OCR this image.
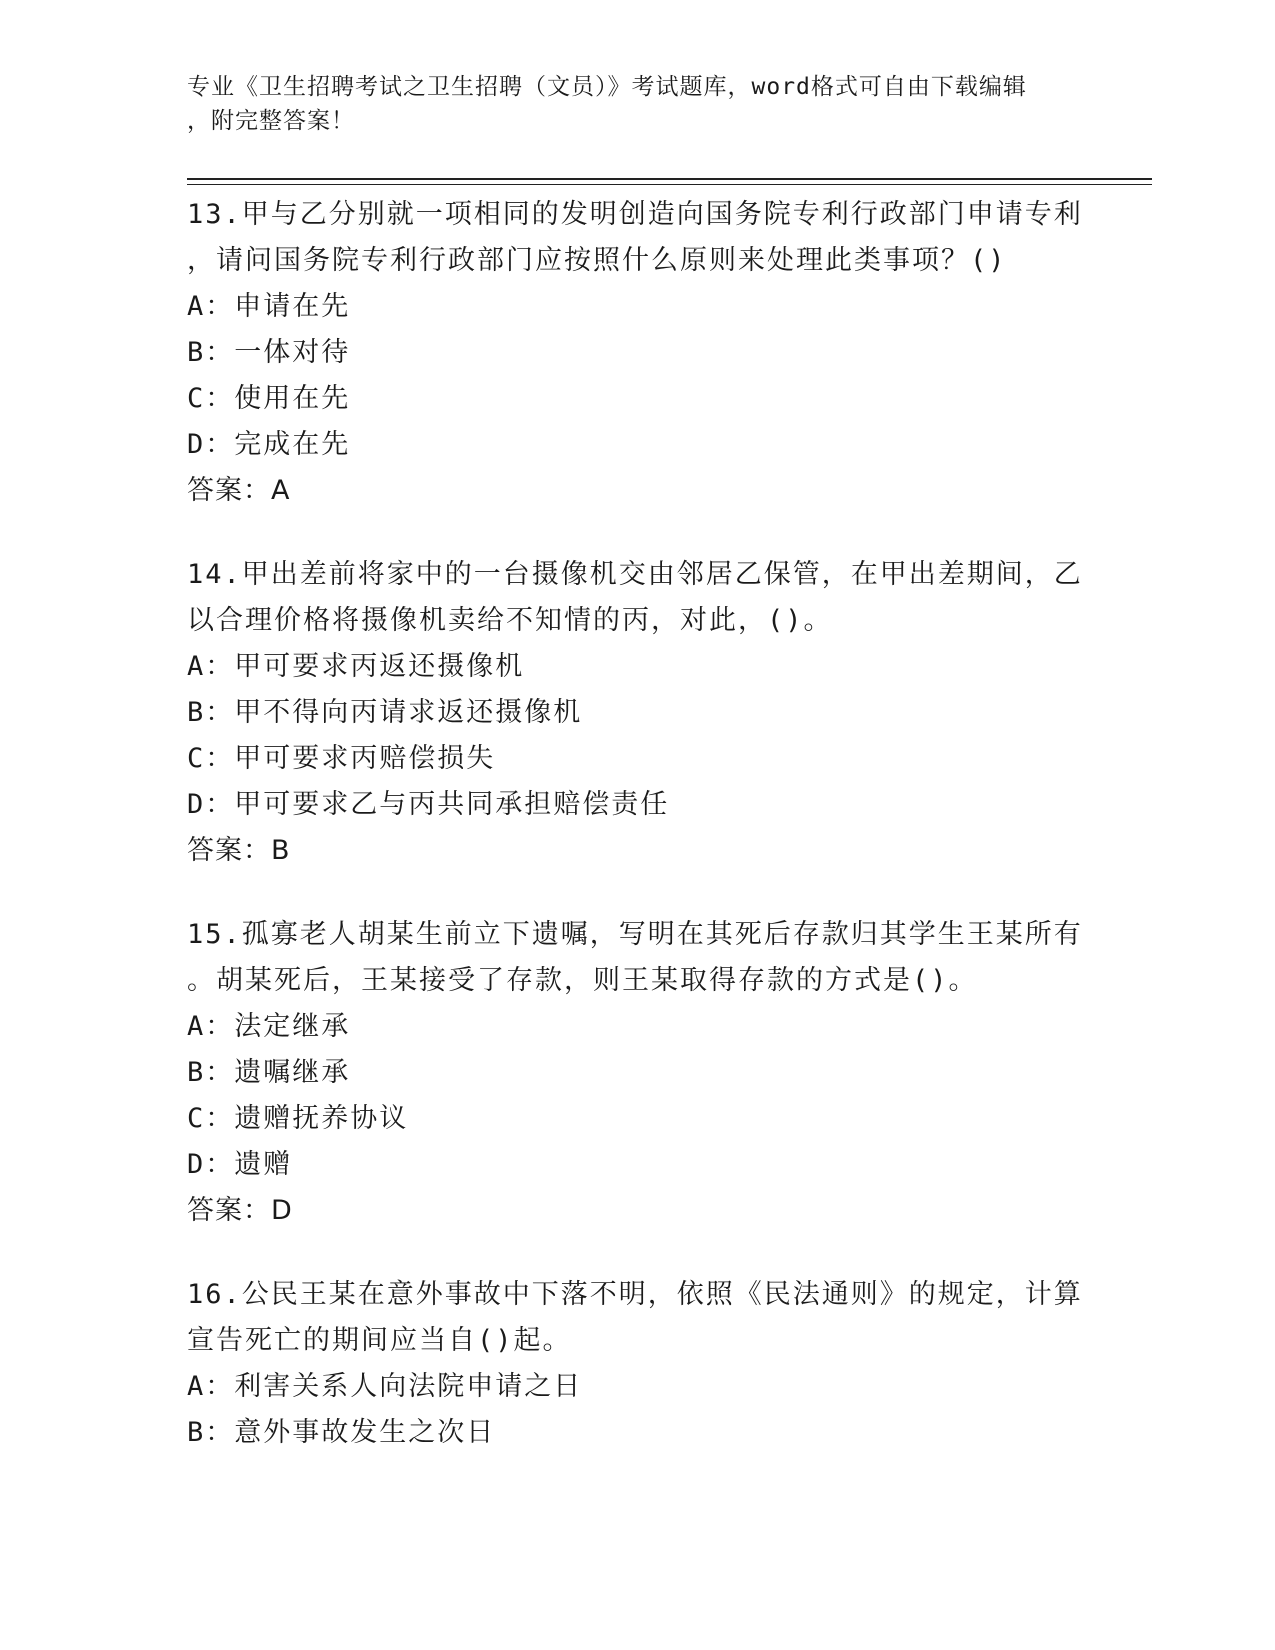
专业《卫生招聘考试之卫生招聘（文员）》考试题库，word格式可自由下载编辑
，附完整答案！
13.甲与乙分别就一项相同的发明创造向国务院专利行政部门申请专利
，请问国务院专利行政部门应按照什么原则来处理此类事项？()
A：申请在先
B：一体对待
C：使用在先
D：完成在先
答案：A
14.甲出差前将家中的一台摄像机交由邻居乙保管，在甲出差期间，乙
以合理价格将摄像机卖给不知情的丙，对此，()。
A：甲可要求丙返还摄像机
B：甲不得向丙请求返还摄像机
C：甲可要求丙赔偿损失
D：甲可要求乙与丙共同承担赔偿责任
答案：B
15.孤寡老人胡某生前立下遗嘱，写明在其死后存款归其学生王某所有
。胡某死后，王某接受了存款，则王某取得存款的方式是()。
A：法定继承
B：遗嘱继承
C：遗赠抚养协议
D：遗赠
答案：D
16.公民王某在意外事故中下落不明，依照《民法通则》的规定，计算
宣告死亡的期间应当自()起。
A：利害关系人向法院申请之日
B：意外事故发生之次日
